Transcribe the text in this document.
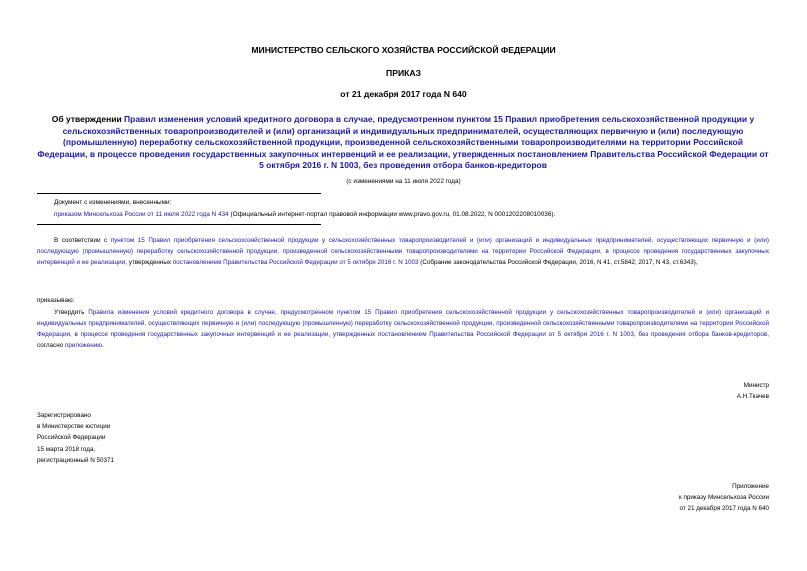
МИНИСТЕРСТВО СЕЛЬСКОГО ХОЗЯЙСТВА РОССИЙСКОЙ ФЕДЕРАЦИИ
ПРИКАЗ
от 21 декабря 2017 года N 640
Об утверждении Правил изменения условий кредитного договора в случае, предусмотренном пунктом 15 Правил приобретения сельскохозяйственной продукции у сельскохозяйственных товаропроизводителей и (или) организаций и индивидуальных предпринимателей, осуществляющих первичную и (или) последующую (промышленную) переработку сельскохозяйственной продукции, произведенной сельскохозяйственными товаропроизводителями на территории Российской Федерации, в процессе проведения государственных закупочных интервенций и ее реализации, утвержденных постановлением Правительства Российской Федерации от 5 октября 2016 г. N 1003, без проведения отбора банков-кредиторов
(с изменениями на 11 июля 2022 года)
Документ с изменениями, внесенными:
приказом Минсельхоза России от 11 июля 2022 года N 434 (Официальный интернет-портал правовой информации www.pravo.gov.ru, 01.08.2022, N 0001202208010036).
В соответствии с пунктом 15 Правил приобретения сельскохозяйственной продукции у сельскохозяйственных товаропроизводителей и (или) организаций и индивидуальных предпринимателей, осуществляющих первичную и (или) последующую (промышленную) переработку сельскохозяйственной продукции, произведенной сельскохозяйственными товаропроизводителями на территории Российской Федерации, в процессе проведения государственных закупочных интервенций и ее реализации, утвержденных постановлением Правительства Российской Федерации от 5 октября 2016 г. N 1003 (Собрание законодательства Российской Федерации, 2016, N 41, ст.5842; 2017, N 43, ст.6343),
приказываю:
Утвердить Правила изменения условий кредитного договора в случае, предусмотренном пунктом 15 Правил приобретения сельскохозяйственной продукции у сельскохозяйственных товаропроизводителей и (или) организаций и индивидуальных предпринимателей, осуществляющих первичную и (или) последующую (промышленную) переработку сельскохозяйственной продукции, произведенной сельскохозяйственными товаропроизводителями на территории Российской Федерации, в процессе проведения государственных закупочных интервенций и ее реализации, утвержденных постановлением Правительства Российской Федерации от 5 октября 2016 г. N 1003, без проведения отбора банков-кредиторов, согласно приложению.
Министр
А.Н.Ткачев
Зарегистрировано
в Министерстве юстиции
Российской Федерации
15 марта 2018 года,
регистрационный N 50371
Приложение
к приказу Минсельхоза России
от 21 декабря 2017 года N 640
